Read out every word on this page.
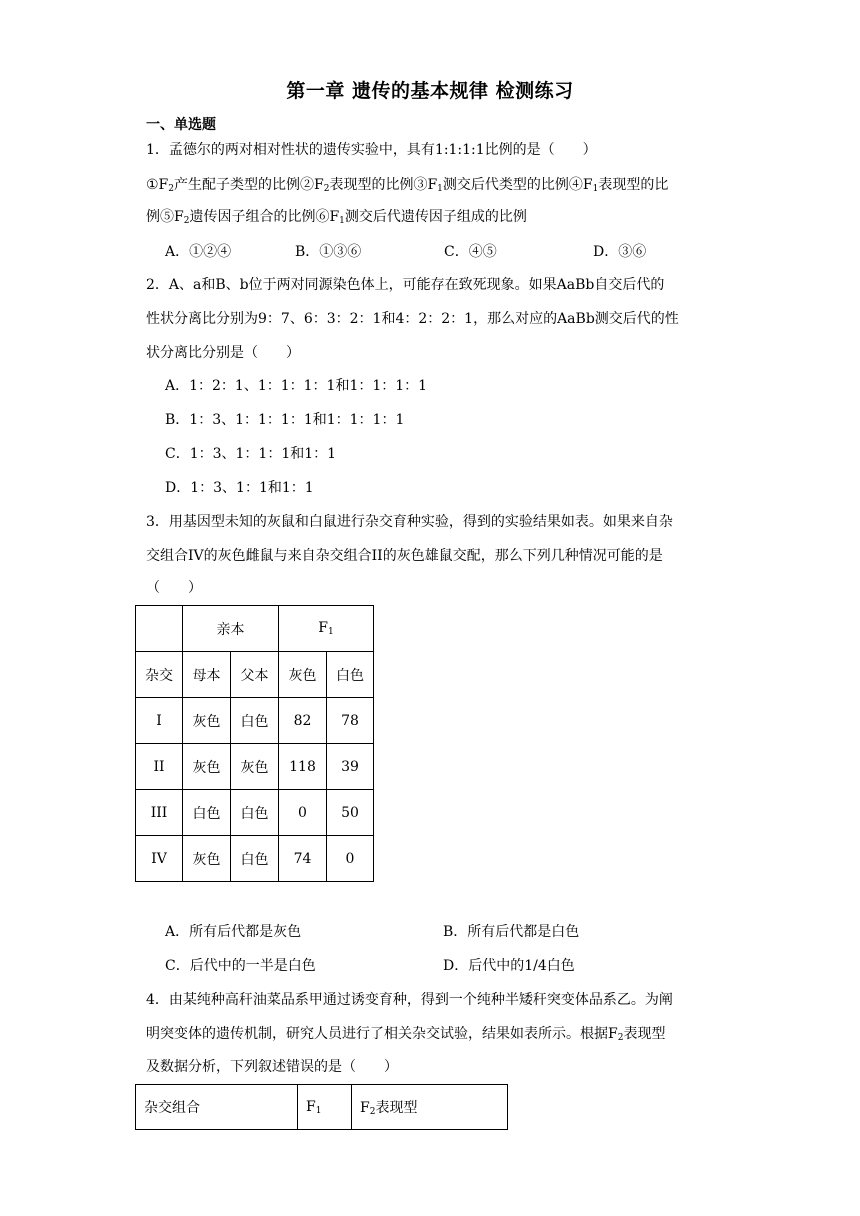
第一章 遗传的基本规律 检测练习
一、单选题
1．孟德尔的两对相对性状的遗传实验中，具有1:1:1:1比例的是（　　）
$①F_2$产生配子类型的比例$②F_2$表现型的比例$③F_1$测交后代类型的比例$④F_1$表现型的比
例$⑤F_2$遗传因子组合的比例$⑥F_1$测交后代遗传因子组成的比例
A．①②④	B．①③⑥	C．④⑤	D．③⑥
2．A、a和B、b位于两对同源染色体上，可能存在致死现象。如果AaBb自交后代的
性状分离比分别为9：7、6：3：2：1和4：2：2：1，那么对应的AaBb测交后代的性
状分离比分别是（　　）
A．1：2：1、1：1：1：1和1：1：1：1
B．1：3、1：1：1：1和1：1：1：1
C．1：3、1：1：1和1：1
D．1：3、1：1和1：1
3．用基因型未知的灰鼠和白鼠进行杂交育种实验，得到的实验结果如表。如果来自杂
交组合IV的灰色雌鼠与来自杂交组合II的灰色雄鼠交配，那么下列几种情况可能的是
（　　）
	亲本		$F_1$
杂交	母本	父本	灰色	白色
I	灰色	白色	82	78
II	灰色	灰色	118	39
III	白色	白色	0	50
IV	灰色	白色	74	0
A．所有后代都是灰色	B．所有后代都是白色
C．后代中的一半是白色	D．后代中的1/4白色
4．由某纯种高秆油菜品系甲通过诱变育种，得到一个纯种半矮秆突变体品系乙。为阐
明突变体的遗传机制，研究人员进行了相关杂交试验，结果如表所示。根据$F_2$表现型
及数据分析，下列叙述错误的是（　　）
杂交组合	$F_1$	$F_2$表现型
